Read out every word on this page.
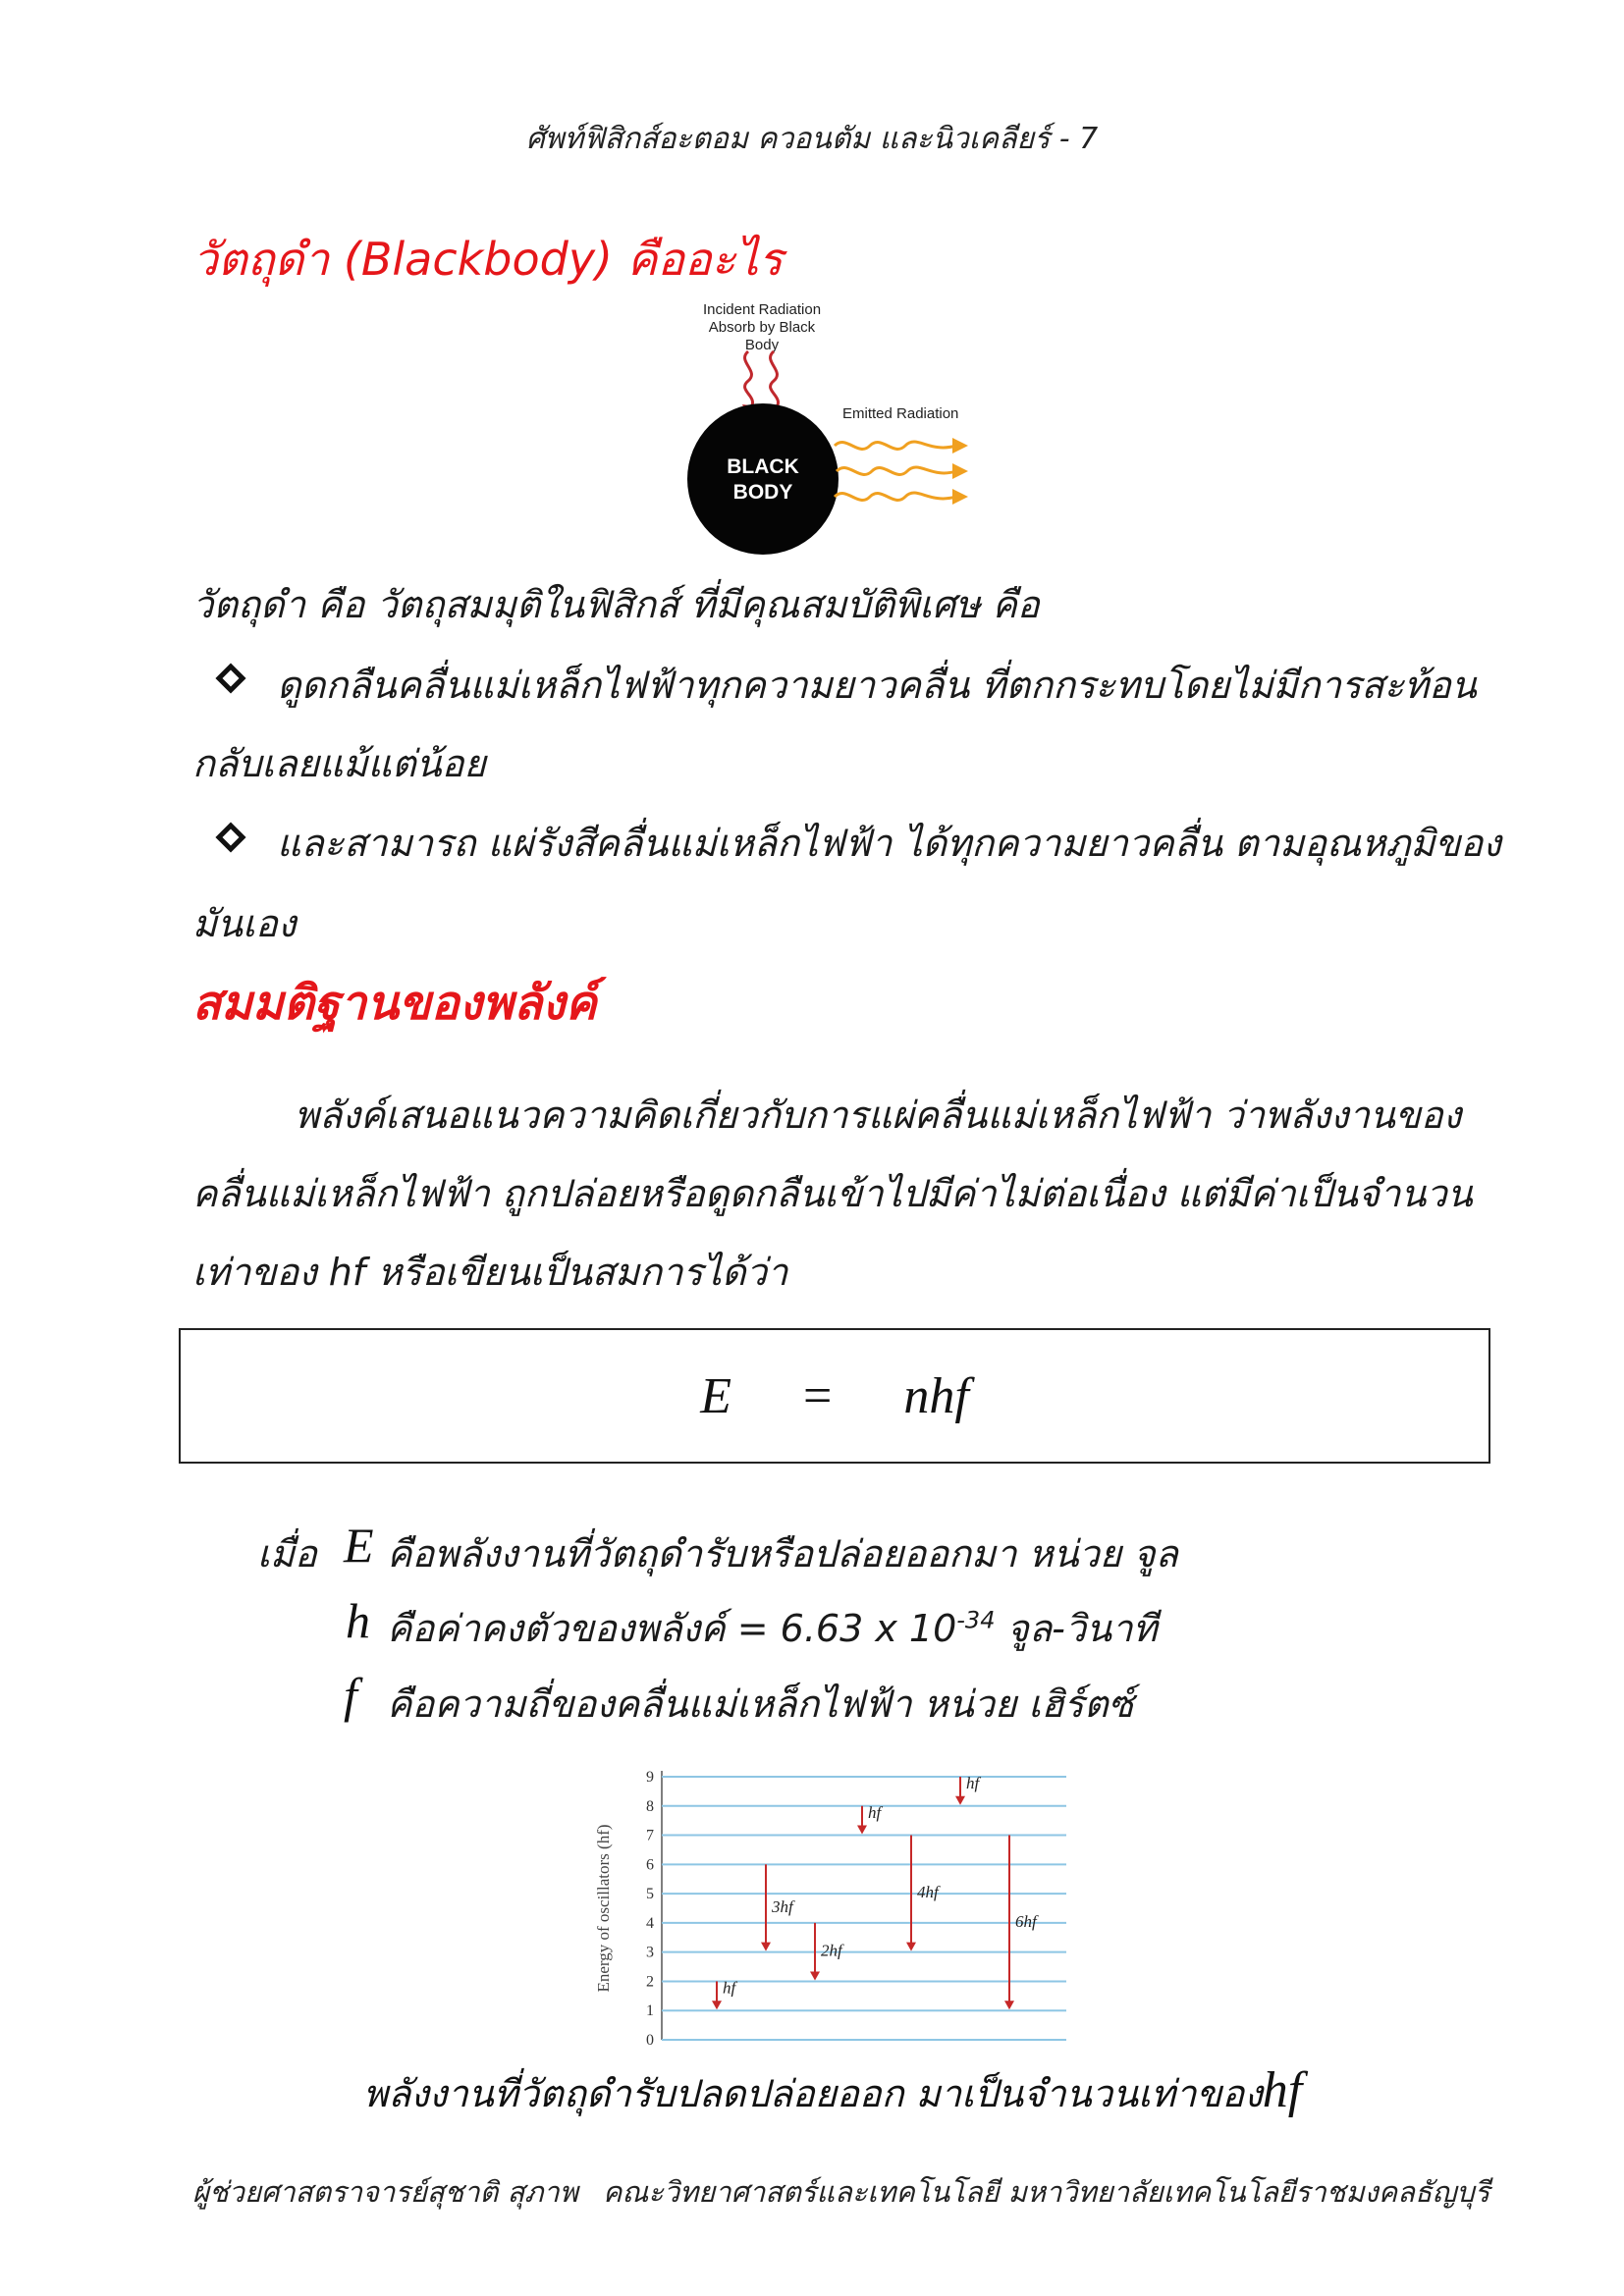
ศัพท์ฟิสิกส์อะตอม ควอนตัม และนิวเคลียร์ - 7
วัตถุดำ (Blackbody) คืออะไร
Incident Radiation
Absorb by Black
Body
BLACK
BODY
Emitted Radiation
วัตถุดำ คือ วัตถุสมมุติในฟิสิกส์ ที่มีคุณสมบัติพิเศษ คือ
ดูดกลืนคลื่นแม่เหล็กไฟฟ้าทุกความยาวคลื่น ที่ตกกระทบโดยไม่มีการสะท้อน
กลับเลยแม้แต่น้อย
และสามารถ แผ่รังสีคลื่นแม่เหล็กไฟฟ้า ได้ทุกความยาวคลื่น ตามอุณหภูมิของ
มันเอง
สมมติฐานของพลังค์
พลังค์เสนอแนวความคิดเกี่ยวกับการแผ่คลื่นแม่เหล็กไฟฟ้า ว่าพลังงานของ
คลื่นแม่เหล็กไฟฟ้า ถูกปล่อยหรือดูดกลืนเข้าไปมีค่าไม่ต่อเนื่อง แต่มีค่าเป็นจำนวน
เท่าของ hf หรือเขียนเป็นสมการได้ว่า
E = nhf
เมื่อ E คือพลังงานที่วัตถุดำรับหรือปล่อยออกมา หน่วย จูล
h คือค่าคงตัวของพลังค์ = 6.63 x $10^{-34}$ จูล-วินาที
f คือความถี่ของคลื่นแม่เหล็กไฟฟ้า หน่วย เฮิร์ตซ์
Energy of oscillators (hf)
0
1
2
3
4
5
6
7
8
9
hf
3hf
2hf
hf
4hf
hf
6hf
พลังงานที่วัตถุดำรับปลดปล่อยออก มาเป็นจำนวนเท่าของhf
ผู้ช่วยศาสตราจารย์สุชาติ สุภาพ คณะวิทยาศาสตร์และเทคโนโลยี มหาวิทยาลัยเทคโนโลยีราชมงคลธัญบุรี
